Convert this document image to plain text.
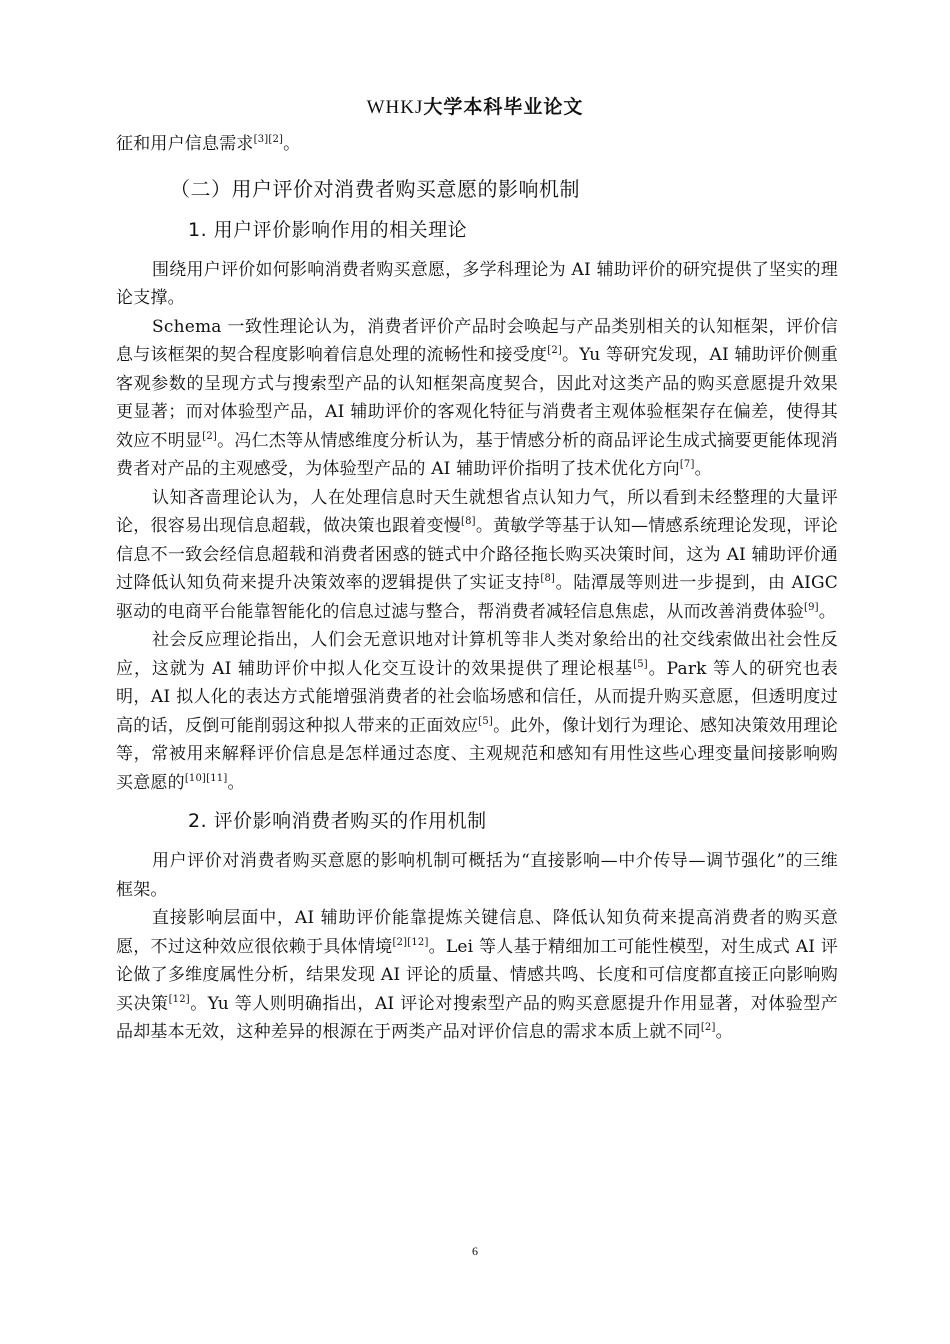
WHKJ大学本科毕业论文

征和用户信息需求[3][2]。

（二）用户评价对消费者购买意愿的影响机制
1. 用户评价影响作用的相关理论

围绕用户评价如何影响消费者购买意愿，多学科理论为 AI 辅助评价的研究提供了坚实的理论支撑。

Schema 一致性理论认为，消费者评价产品时会唤起与产品类别相关的认知框架，评价信息与该框架的契合程度影响着信息处理的流畅性和接受度[2]。Yu 等研究发现，AI 辅助评价侧重客观参数的呈现方式与搜索型产品的认知框架高度契合，因此对这类产品的购买意愿提升效果更显著；而对体验型产品，AI 辅助评价的客观化特征与消费者主观体验框架存在偏差，使得其效应不明显[2]。冯仁杰等从情感维度分析认为，基于情感分析的商品评论生成式摘要更能体现消费者对产品的主观感受，为体验型产品的 AI 辅助评价指明了技术优化方向[7]。

认知吝啬理论认为，人在处理信息时天生就想省点认知力气，所以看到未经整理的大量评论，很容易出现信息超载，做决策也跟着变慢[8]。黄敏学等基于认知—情感系统理论发现，评论信息不一致会经信息超载和消费者困惑的链式中介路径拖长购买决策时间，这为 AI 辅助评价通过降低认知负荷来提升决策效率的逻辑提供了实证支持[8]。陆潭晟等则进一步提到，由 AIGC 驱动的电商平台能靠智能化的信息过滤与整合，帮消费者减轻信息焦虑，从而改善消费体验[9]。

社会反应理论指出，人们会无意识地对计算机等非人类对象给出的社交线索做出社会性反应，这就为 AI 辅助评价中拟人化交互设计的效果提供了理论根基[5]。Park 等人的研究也表明，AI 拟人化的表达方式能增强消费者的社会临场感和信任，从而提升购买意愿，但透明度过高的话，反倒可能削弱这种拟人带来的正面效应[5]。此外，像计划行为理论、感知决策效用理论等，常被用来解释评价信息是怎样通过态度、主观规范和感知有用性这些心理变量间接影响购买意愿的[10][11]。

2. 评价影响消费者购买的作用机制

用户评价对消费者购买意愿的影响机制可概括为“直接影响—中介传导—调节强化”的三维框架。

直接影响层面中，AI 辅助评价能靠提炼关键信息、降低认知负荷来提高消费者的购买意愿，不过这种效应很依赖于具体情境[2][12]。Lei 等人基于精细加工可能性模型，对生成式 AI 评论做了多维度属性分析，结果发现 AI 评论的质量、情感共鸣、长度和可信度都直接正向影响购买决策[12]。Yu 等人则明确指出，AI 评论对搜索型产品的购买意愿提升作用显著，对体验型产品却基本无效，这种差异的根源在于两类产品对评价信息的需求本质上就不同[2]。

6
